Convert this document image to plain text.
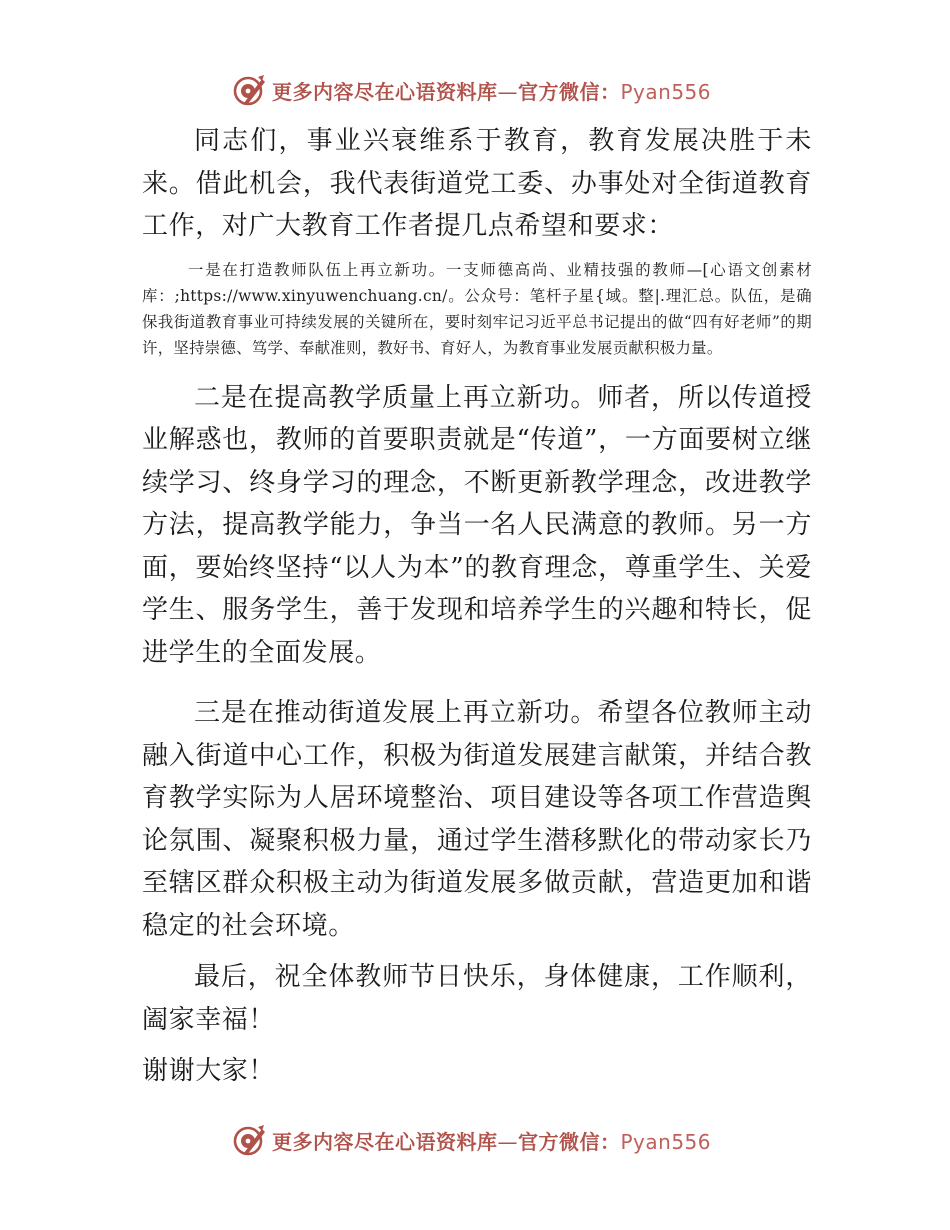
更多内容尽在心语资料库—官方微信：Pyan556

同志们，事业兴衰维系于教育，教育发展决胜于未来。借此机会，我代表街道党工委、办事处对全街道教育工作，对广大教育工作者提几点希望和要求：

一是在打造教师队伍上再立新功。一支师德高尚、业精技强的教师—[心语文创素材库：;https://www.xinyuwenchuang.cn/。公众号：笔杆子星{域。整|.理汇总。队伍，是确保我街道教育事业可持续发展的关键所在，要时刻牢记习近平总书记提出的做“四有好老师”的期许，坚持崇德、笃学、奉献准则，教好书、育好人，为教育事业发展贡献积极力量。

二是在提高教学质量上再立新功。师者，所以传道授业解惑也，教师的首要职责就是“传道”，一方面要树立继续学习、终身学习的理念，不断更新教学理念，改进教学方法，提高教学能力，争当一名人民满意的教师。另一方面，要始终坚持“以人为本”的教育理念，尊重学生、关爱学生、服务学生，善于发现和培养学生的兴趣和特长，促进学生的全面发展。

三是在推动街道发展上再立新功。希望各位教师主动融入街道中心工作，积极为街道发展建言献策，并结合教育教学实际为人居环境整治、项目建设等各项工作营造舆论氛围、凝聚积极力量，通过学生潜移默化的带动家长乃至辖区群众积极主动为街道发展多做贡献，营造更加和谐稳定的社会环境。

最后，祝全体教师节日快乐，身体健康，工作顺利，阖家幸福！

谢谢大家！

更多内容尽在心语资料库—官方微信：Pyan556
